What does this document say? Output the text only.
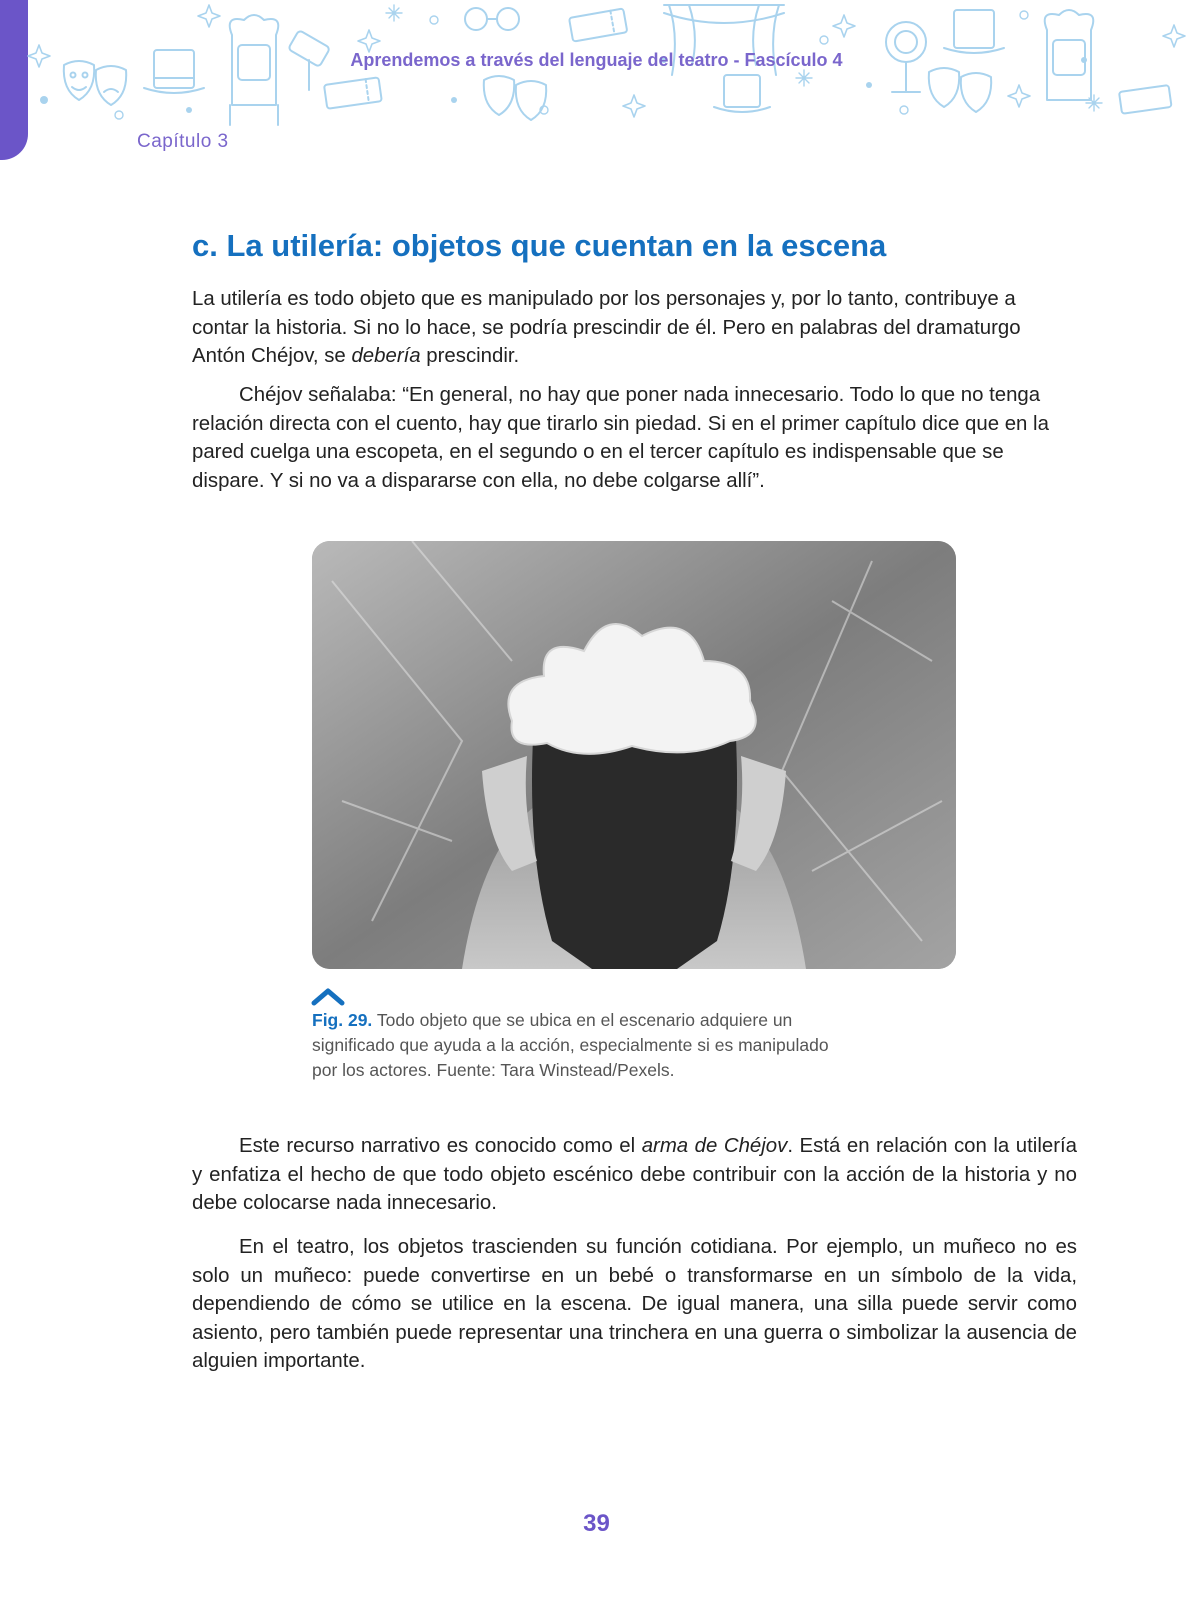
Aprendemos a través del lenguaje del teatro - Fascículo 4
Capítulo 3
c. La utilería: objetos que cuentan en la escena

La utilería es todo objeto que es manipulado por los personajes y, por lo tanto, contribuye a contar la historia. Si no lo hace, se podría prescindir de él. Pero en palabras del dramaturgo Antón Chéjov, se debería prescindir.

Chéjov señalaba: “En general, no hay que poner nada innecesario. Todo lo que no tenga relación directa con el cuento, hay que tirarlo sin piedad. Si en el primer capítulo dice que en la pared cuelga una escopeta, en el segundo o en el tercer capítulo es indispensable que se dispare. Y si no va a dispararse con ella, no debe colgarse allí”.

Fig. 29. Todo objeto que se ubica en el escenario adquiere un significado que ayuda a la acción, especialmente si es manipulado por los actores. Fuente: Tara Winstead/Pexels.

Este recurso narrativo es conocido como el arma de Chéjov. Está en relación con la utilería y enfatiza el hecho de que todo objeto escénico debe contribuir con la acción de la historia y no debe colocarse nada innecesario.

En el teatro, los objetos trascienden su función cotidiana. Por ejemplo, un muñeco no es solo un muñeco: puede convertirse en un bebé o transformarse en un símbolo de la vida, dependiendo de cómo se utilice en la escena. De igual manera, una silla puede servir como asiento, pero también puede representar una trinchera en una guerra o simbolizar la ausencia de alguien importante.

39
